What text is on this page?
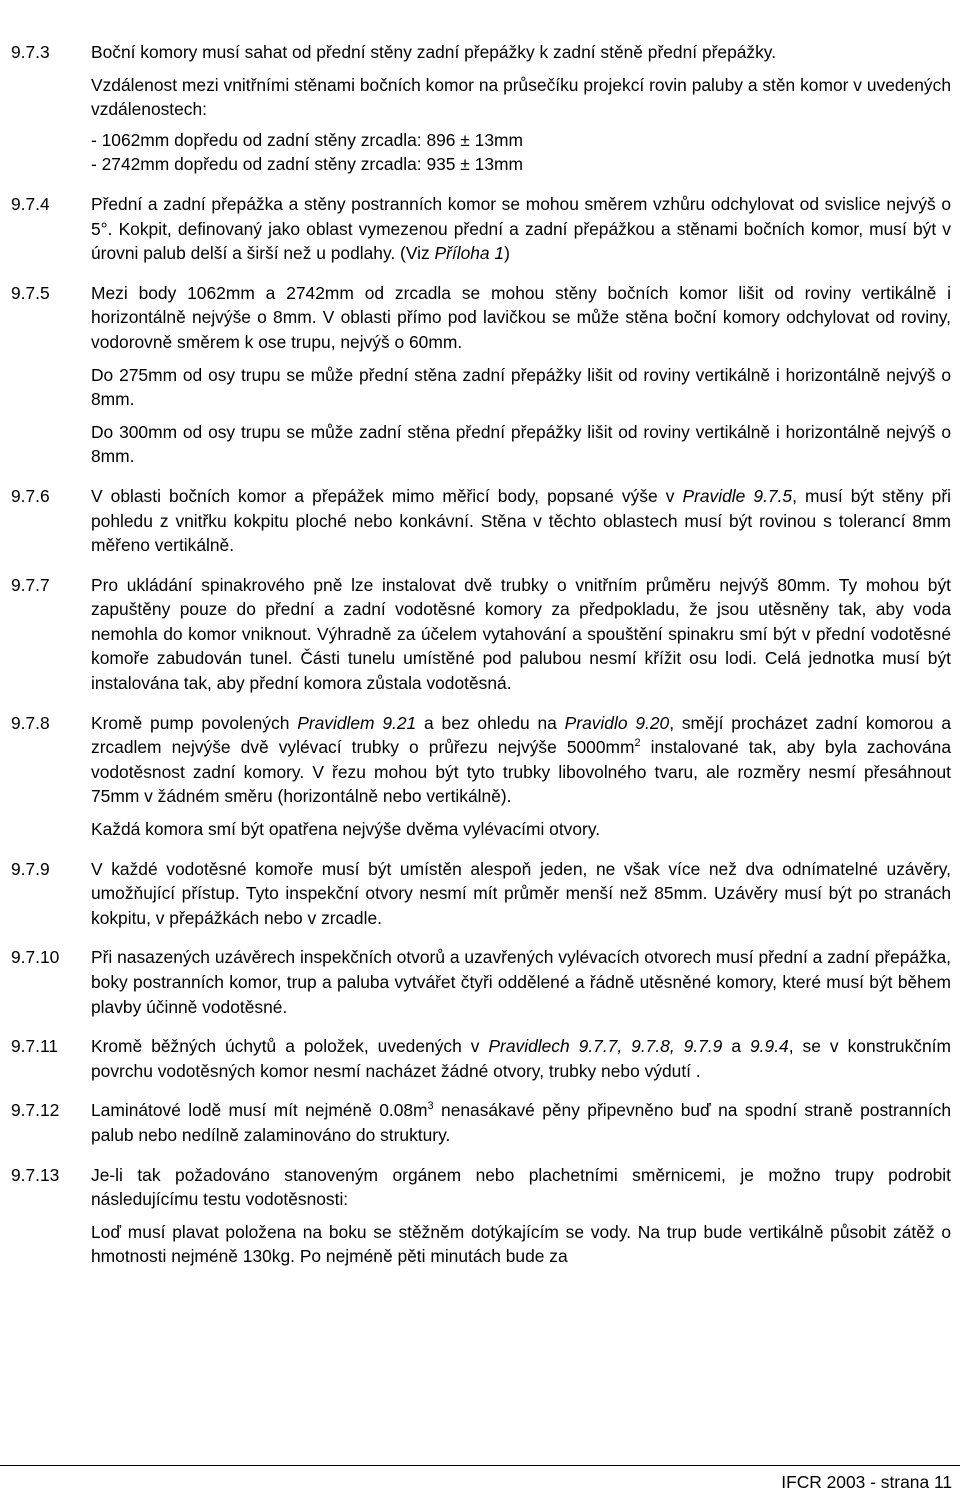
9.7.3 Boční komory musí sahat od přední stěny zadní přepážky k zadní stěně přední přepážky.
Vzdálenost mezi vnitřními stěnami bočních komor na průsečíku projekcí rovin paluby a stěn komor v uvedených vzdálenostech:
- 1062mm dopředu od zadní stěny zrcadla: 896 ± 13mm
- 2742mm dopředu od zadní stěny zrcadla: 935 ± 13mm
9.7.4 Přední a zadní přepážka a stěny postranních komor se mohou směrem vzhůru odchylovat od svislice nejvýš o 5°. Kokpit, definovaný jako oblast vymezenou přední a zadní přepážkou a stěnami bočních komor, musí být v úrovni palub delší a širší než u podlahy. (Viz Příloha 1)
9.7.5 Mezi body 1062mm a 2742mm od zrcadla se mohou stěny bočních komor lišit od roviny vertikálně i horizontálně nejvýše o 8mm. V oblasti přímo pod lavičkou se může stěna boční komory odchylovat od roviny, vodorovně směrem k ose trupu, nejvýš o 60mm.
Do 275mm od osy trupu se může přední stěna zadní přepážky lišit od roviny vertikálně i horizontálně nejvýš o 8mm.
Do 300mm od osy trupu se může zadní stěna přední přepážky lišit od roviny vertikálně i horizontálně nejvýš o 8mm.
9.7.6 V oblasti bočních komor a přepážek mimo měřicí body, popsané výše v Pravidle 9.7.5, musí být stěny při pohledu z vnitřku kokpitu ploché nebo konkávní. Stěna v těchto oblastech musí být rovinou s tolerancí 8mm měřeno vertikálně.
9.7.7 Pro ukládání spinakrového pně lze instalovat dvě trubky o vnitřním průměru nejvýš 80mm. Ty mohou být zapuštěny pouze do přední a zadní vodotěsné komory za předpokladu, že jsou utěsněny tak, aby voda nemohla do komor vniknout. Výhradně za účelem vytahování a spouštění spinakru smí být v přední vodotěsné komoře zabudován tunel. Části tunelu umístěné pod palubou nesmí křížit osu lodi. Celá jednotka musí být instalována tak, aby přední komora zůstala vodotěsná.
9.7.8 Kromě pump povolených Pravidlem 9.21 a bez ohledu na Pravidlo 9.20, smějí procházet zadní komorou a zrcadlem nejvýše dvě vylévací trubky o průřezu nejvýše $5000mm^2$ instalované tak, aby byla zachována vodotěsnost zadní komory. V řezu mohou být tyto trubky libovolného tvaru, ale rozměry nesmí přesáhnout 75mm v žádném směru (horizontálně nebo vertikálně).
Každá komora smí být opatřena nejvýše dvěma vylévacími otvory.
9.7.9 V každé vodotěsné komoře musí být umístěn alespoň jeden, ne však více než dva odnímatelné uzávěry, umožňující přístup. Tyto inspekční otvory nesmí mít průměr menší než 85mm. Uzávěry musí být po stranách kokpitu, v přepážkách nebo v zrcadle.
9.7.10 Při nasazených uzávěrech inspekčních otvorů a uzavřených vylévacích otvorech musí přední a zadní přepážka, boky postranních komor, trup a paluba vytvářet čtyři oddělené a řádně utěsněné komory, které musí být během plavby účinně vodotěsné.
9.7.11 Kromě běžných úchytů a položek, uvedených v Pravidlech 9.7.7, 9.7.8, 9.7.9 a 9.9.4, se v konstrukčním povrchu vodotěsných komor nesmí nacházet žádné otvory, trubky nebo výdutí .
9.7.12 Laminátové lodě musí mít nejméně $0.08m^3$ nenasákavé pěny připevněno buď na spodní straně postranních palub nebo nedílně zalaminováno do struktury.
9.7.13 Je-li tak požadováno stanoveným orgánem nebo plachetními směrnicemi, je možno trupy podrobit následujícímu testu vodotěsnosti:
Loď musí plavat položena na boku se stěžněm dotýkajícím se vody. Na trup bude vertikálně působit zátěž o hmotnosti nejméně 130kg. Po nejméně pěti minutách bude za
IFCR 2003 - strana 11
